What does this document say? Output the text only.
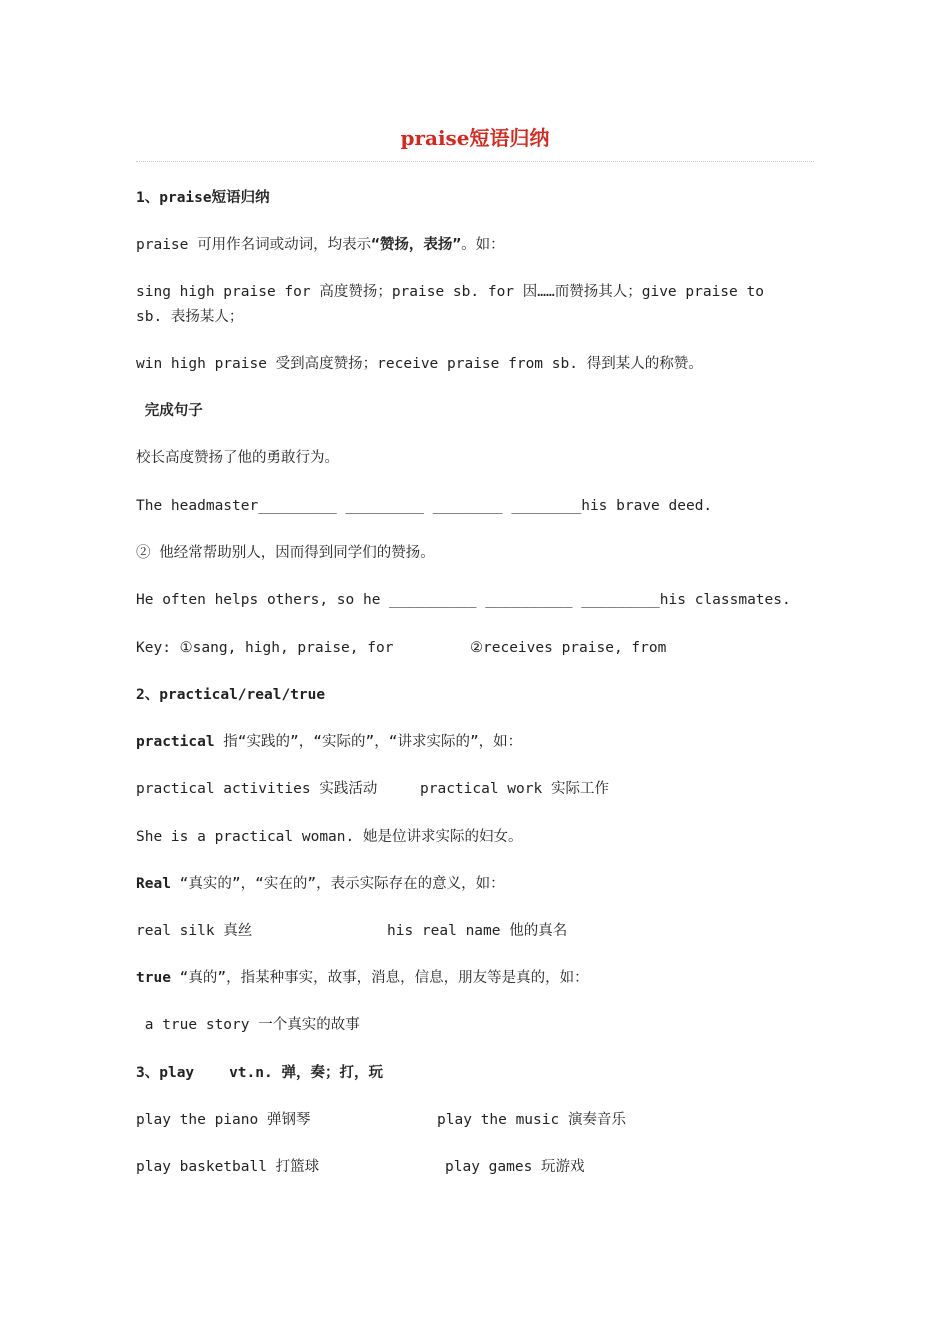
praise短语归纳

1、praise短语归纳

praise 可用作名词或动词，均表示“赞扬，表扬”。如：

sing high praise for 高度赞扬；praise sb. for 因……而赞扬其人；give praise to

sb. 表扬某人；

win high praise 受到高度赞扬；receive praise from sb. 得到某人的称赞。

完成句子

校长高度赞扬了他的勇敢行为。

The headmaster_________ _________ ________ ________his brave deed.

② 他经常帮助别人，因而得到同学们的赞扬。

He often helps others, so he __________ __________ _________his classmates.

Key: ①sang, high, praise, for	②receives praise, from

2、practical/real/true

practical 指“实践的”，“实际的”，“讲求实际的”，如：

practical activities 实践活动	practical work 实际工作

She is a practical woman. 她是位讲求实际的妇女。

Real “真实的”，“实在的”，表示实际存在的意义，如：

real silk 真丝	his real name 他的真名

true “真的”，指某种事实，故事，消息，信息，朋友等是真的，如：

a true story 一个真实的故事

3、play    vt.n. 弹，奏；打，玩

play the piano 弹钢琴	play the music 演奏音乐

play basketball 打篮球	play games 玩游戏
